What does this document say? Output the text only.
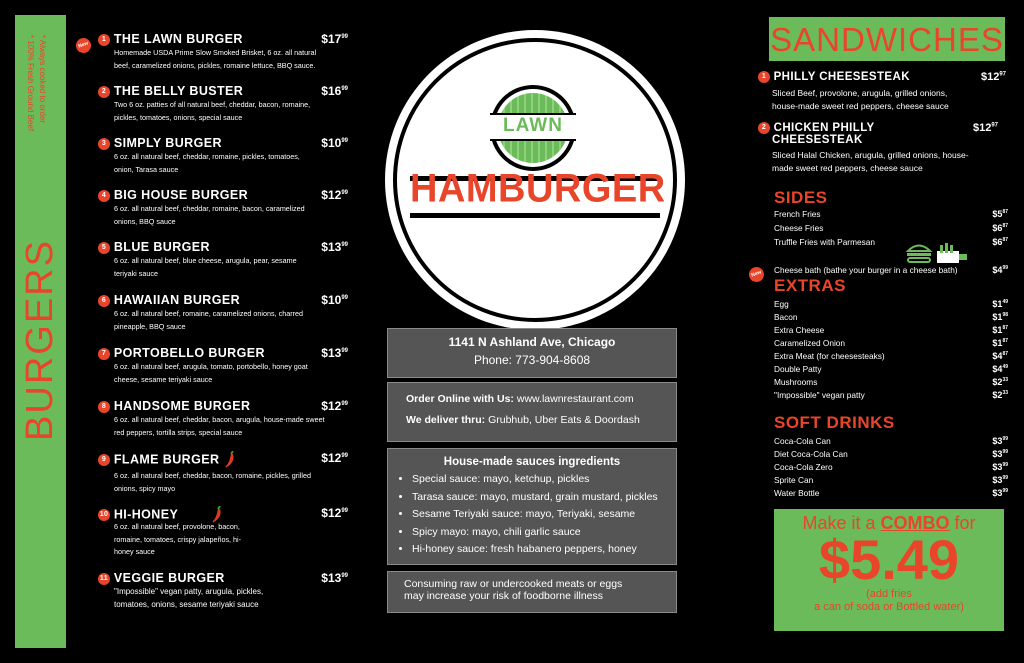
* 100% Fresh Ground Beef * Always cooked to order
BURGERS
New
1 THE LAWN BURGER	$\$17^{99}$
Homemade USDA Prime Slow Smoked Brisket, 6 oz. all natural beef, caramelized onions, pickles, romaine lettuce, BBQ sauce.
2 THE BELLY BUSTER	$\$16^{99}$
Two 6 oz. patties of all natural beef, cheddar, bacon, romaine, pickles, tomatoes, onions, special sauce
3 SIMPLY BURGER	$\$10^{99}$
6 oz. all natural beef, cheddar, romaine, pickles, tomatoes, onion, Tarasa sauce
4 BIG HOUSE BURGER	$\$12^{99}$
6 oz. all natural beef, cheddar, romaine, bacon, caramelized onions, BBQ sauce
5 BLUE BURGER	$\$13^{99}$
6 oz. all natural beef, blue cheese, arugula, pear, sesame teriyaki sauce
6 HAWAIIAN BURGER	$\$10^{99}$
6 oz. all natural beef, romaine, caramelized onions, charred pineapple, BBQ sauce
7 PORTOBELLO BURGER	$\$13^{99}$
6 oz. all natural beef, arugula, tomato, portobello, honey goat cheese, sesame teriyaki sauce
8 HANDSOME BURGER	$\$12^{99}$
6 oz. all natural beef, cheddar, bacon, arugula, house-made sweet red peppers, tortilla strips, special sauce
9 FLAME BURGER	$\$12^{99}$
6 oz. all natural beef, cheddar, bacon, romaine, pickles, grilled onions, spicy mayo
10 HI-HONEY	$\$12^{99}$
6 oz. all natural beef, provolone, bacon, romaine, tomatoes, crispy jalapeños, hi-honey sauce
11 VEGGIE BURGER	$\$13^{99}$
"Impossible" vegan patty, arugula, pickles, tomatoes, onions, sesame teriyaki sauce
LAWN
HAMBURGER
1141 N Ashland Ave, Chicago
Phone: 773-904-8608
Order Online with Us: www.lawnrestaurant.com
We deliver thru: Grubhub, Uber Eats & Doordash
House-made sauces ingredients
• Special sauce: mayo, ketchup, pickles
• Tarasa sauce: mayo, mustard, grain mustard, pickles
• Sesame Teriyaki sauce: mayo, Teriyaki, sesame
• Spicy mayo: mayo, chili garlic sauce
• Hi-honey sauce: fresh habanero peppers, honey
Consuming raw or undercooked meats or eggs
may increase your risk of foodborne illness
SANDWICHES
1 PHILLY CHEESESTEAK	$\$12^{97}$
Sliced Beef, provolone, arugula, grilled onions, house-made sweet red peppers, cheese sauce
2 CHICKEN PHILLY
CHEESESTEAK
$\$12^{97}$
Sliced Halal Chicken, arugula, grilled onions, house-made sweet red peppers, cheese sauce
SIDES
French Fries	$\$5^{87}$
Cheese Fries	$\$6^{87}$
Truffle Fries with Parmesan	$\$6^{87}$
New Cheese bath (bathe your burger in a cheese bath)	$\$4^{99}$
EXTRAS
Egg	$\$1^{49}$
Bacon	$\$1^{98}$
Extra Cheese	$\$1^{87}$
Caramelized Onion	$\$1^{87}$
Extra Meat (for cheesesteaks)	$\$4^{87}$
Double Patty	$\$4^{49}$
Mushrooms	$\$2^{33}$
"Impossible" vegan patty	$\$2^{33}$
SOFT DRINKS
Coca-Cola Can	$\$3^{99}$
Diet Coca-Cola Can	$\$3^{99}$
Coca-Cola Zero	$\$3^{99}$
Sprite Can	$\$3^{99}$
Water Bottle	$\$3^{99}$
Make it a COMBO for
$5.49
(add fries
a can of soda or Bottled water)
